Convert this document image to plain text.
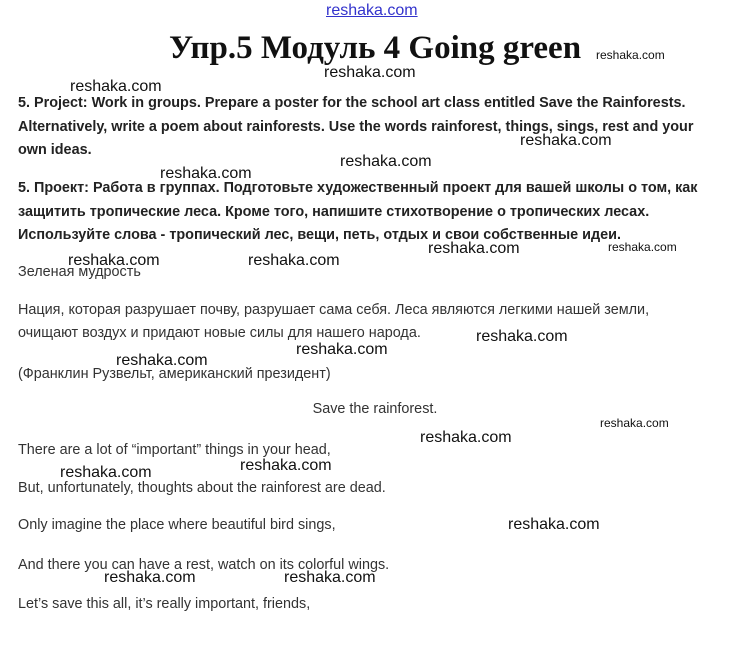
reshaka.com
Упр.5 Модуль 4 Going green
5. Project: Work in groups. Prepare a poster for the school art class entitled Save the Rainforests.
Alternatively, write a poem about rainforests. Use the words rainforest, things, sings, rest and your
own ideas.
5. Проект: Работа в группах. Подготовьте художественный проект для вашей школы о том, как
защитить тропические леса. Кроме того, напишите стихотворение о тропических лесах.
Используйте слова - тропический лес, вещи, петь, отдых и свои собственные идеи.
Зеленая мудрость
Нация, которая разрушает почву, разрушает сама себя. Леса являются легкими нашей земли,
очищают воздух и придают новые силы для нашего народа.
(Франклин Рузвельт, американский президент)
Save the rainforest.
There are a lot of “important” things in your head,
But, unfortunately, thoughts about the rainforest are dead.
Only imagine the place where beautiful bird sings,
And there you can have a rest, watch on its colorful wings.
Let’s save this all, it’s really important, friends,
reshaka.com
reshaka.com
reshaka.com
reshaka.com
reshaka.com
reshaka.com
reshaka.com	reshaka.com
reshaka.com	reshaka.com
reshaka.com
reshaka.com
reshaka.com
reshaka.com
reshaka.com
reshaka.com
reshaka.com
reshaka.com
reshaka.com	reshaka.com
